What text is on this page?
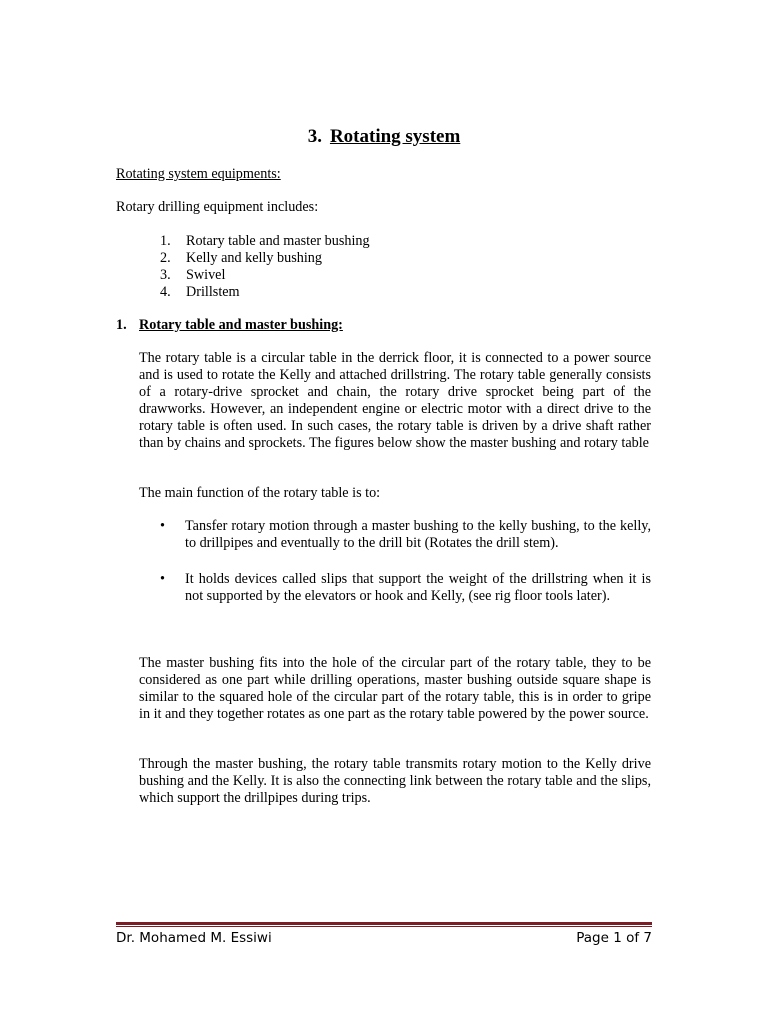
3. Rotating system
Rotating system equipments:
Rotary drilling equipment includes:
1.	Rotary table and master bushing
2.	Kelly and kelly bushing
3.	Swivel
4.	Drillstem
1. Rotary table and master bushing:
The rotary table is a circular table in the derrick floor, it is connected to a power source and is used to rotate the Kelly and attached drillstring. The rotary table generally consists of a rotary-drive sprocket and chain, the rotary drive sprocket being part of the drawworks. However, an independent engine or electric motor with a direct drive to the rotary table is often used. In such cases, the rotary table is driven by a drive shaft rather than by chains and sprockets. The figures below show the master bushing and rotary table
The main function of the rotary table is to:
•	Tansfer rotary motion through a master bushing to the kelly bushing, to the kelly, to drillpipes and eventually to the drill bit (Rotates the drill stem).
•	It holds devices called slips that support the weight of the drillstring when it is not supported by the elevators or hook and Kelly, (see rig floor tools later).
The master bushing fits into the hole of the circular part of the rotary table, they to be considered as one part while drilling operations, master bushing outside square shape is similar to the squared hole of the circular part of the rotary table, this is in order to gripe in it and they together rotates as one part as the rotary table powered by the power source.
Through the master bushing, the rotary table transmits rotary motion to the Kelly drive bushing and the Kelly. It is also the connecting link between the rotary table and the slips, which support the drillpipes during trips.
Dr. Mohamed M. Essiwi	Page 1 of 7
